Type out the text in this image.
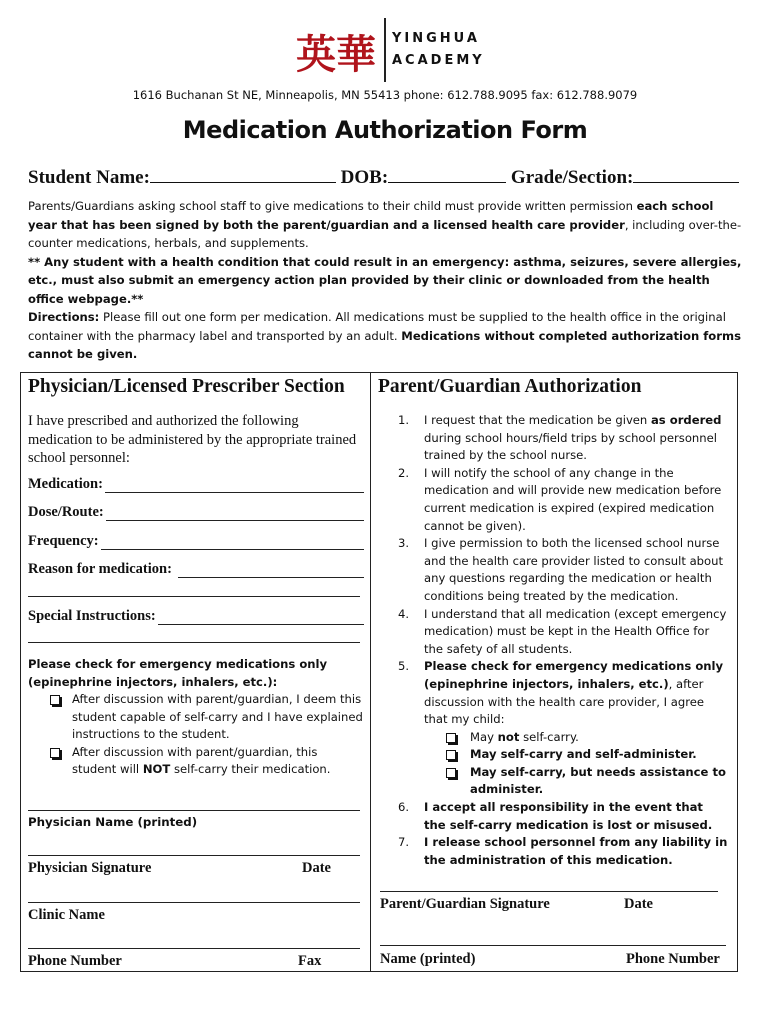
英華 YINGHUA
ACADEMY
1616 Buchanan St NE, Minneapolis, MN 55413 phone: 612.788.9095 fax: 612.788.9079
Medication Authorization Form
Student Name:	DOB:	Grade/Section:

Parents/Guardians asking school staff to give medications to their child must provide written permission each school year that has been signed by both the parent/guardian and a licensed health care provider, including over-the-counter medications, herbals, and supplements.

** Any student with a health condition that could result in an emergency: asthma, seizures, severe allergies, etc., must also submit an emergency action plan provided by their clinic or downloaded from the health office webpage.**

Directions: Please fill out one form per medication. All medications must be supplied to the health office in the original container with the pharmacy label and transported by an adult. Medications without completed authorization forms cannot be given.

Physician/Licensed Prescriber Section
I have prescribed and authorized the following medication to be administered by the appropriate trained school personnel:
Medication:
Dose/Route:
Frequency:
Reason for medication:
Special Instructions:
Please check for emergency medications only (epinephrine injectors, inhalers, etc.):
After discussion with parent/guardian, I deem this student capable of self-carry and I have explained instructions to the student.
After discussion with parent/guardian, this student will NOT self-carry their medication.
Physician Name (printed)
Physician Signature	Date
Clinic Name
Phone Number	Fax
Parent/Guardian Authorization
1. I request that the medication be given as ordered during school hours/field trips by school personnel trained by the school nurse.
2. I will notify the school of any change in the medication and will provide new medication before current medication is expired (expired medication cannot be given).
3. I give permission to both the licensed school nurse and the health care provider listed to consult about any questions regarding the medication or health conditions being treated by the medication.
4. I understand that all medication (except emergency medication) must be kept in the Health Office for the safety of all students.
5. Please check for emergency medications only (epinephrine injectors, inhalers, etc.), after discussion with the health care provider, I agree that my child:
May not self-carry.
May self-carry and self-administer.
May self-carry, but needs assistance to administer.
6. I accept all responsibility in the event that the self-carry medication is lost or misused.
7. I release school personnel from any liability in the administration of this medication.
Parent/Guardian Signature	Date
Name (printed)	Phone Number
